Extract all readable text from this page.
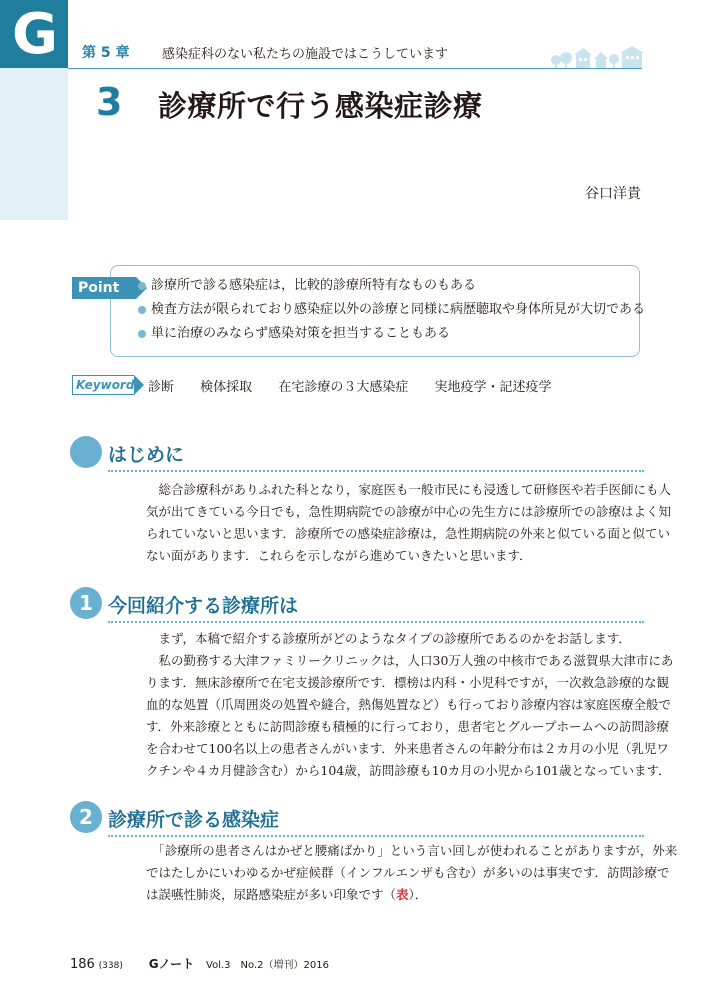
G 第 5 章	感染症科のない私たちの施設ではこうしています
3 診療所で行う感染症診療
谷口洋貴
Point	診療所で診る感染症は，比較的診療所特有なものもある
検査方法が限られており感染症以外の診療と同様に病歴聴取や身体所見が大切である
単に治療のみならず感染対策を担当することもある
Keyword 診断 検体採取 在宅診療の３大感染症 実地疫学・記述疫学
はじめに

　総合診療科がありふれた科となり，家庭医も一般市民にも浸透して研修医や若手医師にも人
気が出てきている今日でも，急性期病院での診療が中心の先生方には診療所での診療はよく知
られていないと思います．診療所での感染症診療は，急性期病院の外来と似ている面と似てい
ない面があります．これらを示しながら進めていきたいと思います．

1 今回紹介する診療所は

　まず，本稿で紹介する診療所がどのようなタイプの診療所であるのかをお話します．
　私の勤務する大津ファミリークリニックは，人口30万人強の中核市である滋賀県大津市にあ
ります．無床診療所で在宅支援診療所です．標榜は内科・小児科ですが，一次救急診療的な観
血的な処置（爪周囲炎の処置や縫合，熱傷処置など）も行っており診療内容は家庭医療全般で
す．外来診療とともに訪問診療も積極的に行っており，患者宅とグループホームへの訪問診療
を合わせて100名以上の患者さんがいます．外来患者さんの年齢分布は２カ月の小児（乳児ワ
クチンや４カ月健診含む）から104歳，訪問診療も10カ月の小児から101歳となっています．

2 診療所で診る感染症

　「診療所の患者さんはかぜと腰痛ばかり」という言い回しが使われることがありますが，外来
ではたしかにいわゆるかぜ症候群（インフルエンザも含む）が多いのは事実です．訪問診療で
は誤嚥性肺炎，尿路感染症が多い印象です（表）．

186 (338) Gノート Vol.3　No.2（増刊）2016
